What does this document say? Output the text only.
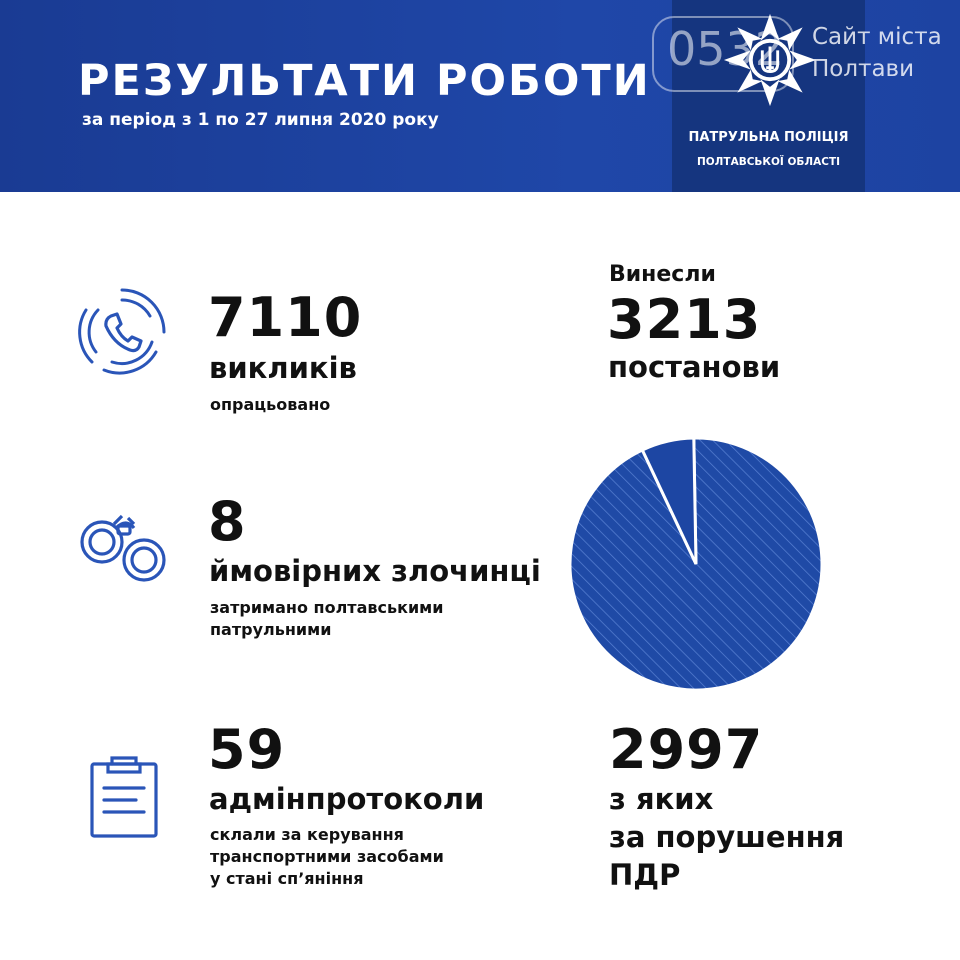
РЕЗУЛЬТАТИ РОБОТИ
за період з 1 по 27 липня 2020 року
ПАТРУЛЬНА ПОЛІЦІЯ
ПОЛТАВСЬКОЇ ОБЛАСТІ
0532 Сайт міста
Полтави
7110
викликів
опрацьовано
8
ймовірних злочинці
затримано полтавськими
патрульними
59
адмінпротоколи
склали за керування
транспортними засобами
у стані сп’яніння
Винесли
3213
постанови
2997
з яких
за порушення
ПДР
